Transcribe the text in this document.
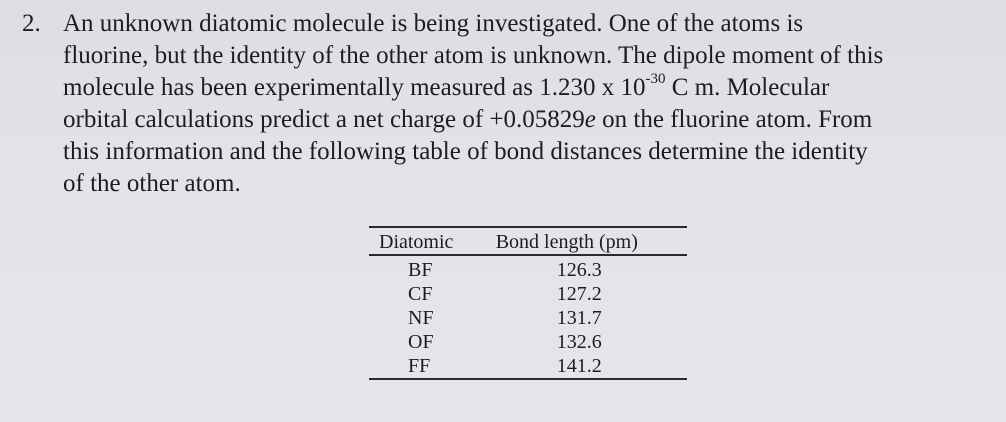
2. An unknown diatomic molecule is being investigated. One of the atoms is
fluorine, but the identity of the other atom is unknown. The dipole moment of this
molecule has been experimentally measured as 1.230 x $10^{-30}$ C m. Molecular
orbital calculations predict a net charge of +0.05829e on the fluorine atom. From
this information and the following table of bond distances determine the identity
of the other atom.
Diatomic	Bond length (pm)
BF	126.3
CF	127.2
NF	131.7
OF	132.6
FF	141.2
